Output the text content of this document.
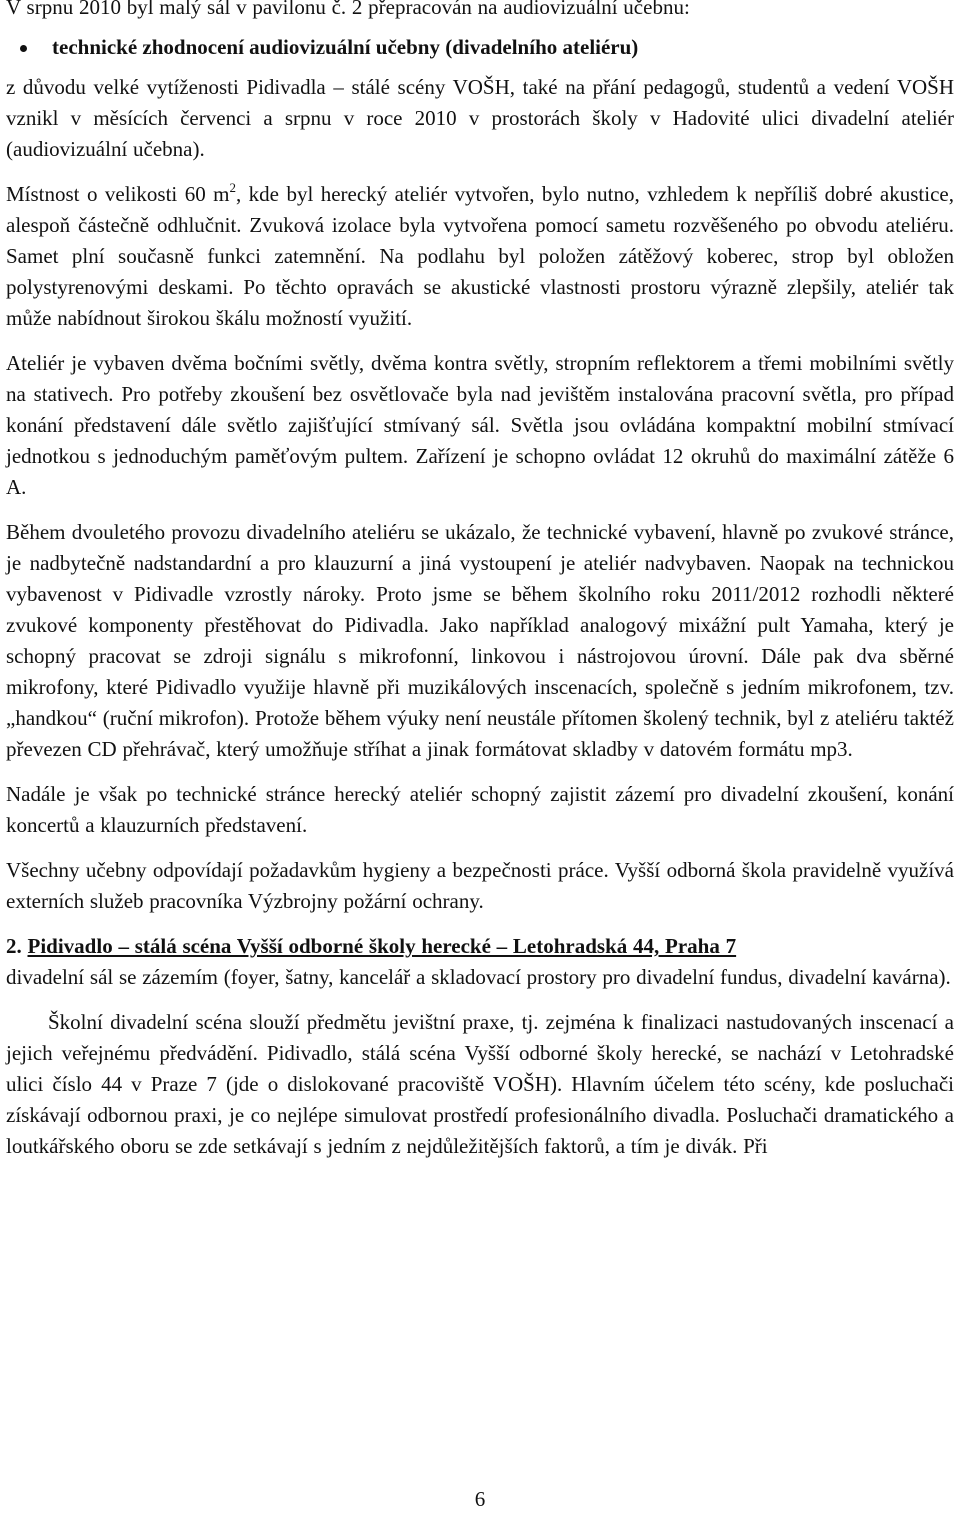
V srpnu 2010 byl malý sál v pavilonu č. 2 přepracován na audiovizuální učebnu:

technické zhodnocení audiovizuální učebny (divadelního ateliéru)

z důvodu velké vytíženosti Pidivadla – stálé scény VOŠH, také na přání pedagogů, studentů a vedení VOŠH vznikl v měsících červenci a srpnu v roce 2010 v prostorách školy v Hadovité ulici divadelní ateliér (audiovizuální učebna).

Místnost o velikosti 60 $m^2$, kde byl herecký ateliér vytvořen, bylo nutno, vzhledem k nepříliš dobré akustice, alespoň částečně odhlučnit. Zvuková izolace byla vytvořena pomocí sametu rozvěšeného po obvodu ateliéru. Samet plní současně funkci zatemnění. Na podlahu byl položen zátěžový koberec, strop byl obložen polystyrenovými deskami. Po těchto opravách se akustické vlastnosti prostoru výrazně zlepšily, ateliér tak může nabídnout širokou škálu možností využití.

Ateliér je vybaven dvěma bočními světly, dvěma kontra světly, stropním reflektorem a třemi mobilními světly na stativech. Pro potřeby zkoušení bez osvětlovače byla nad jevištěm instalována pracovní světla, pro případ konání představení dále světlo zajišťující stmívaný sál. Světla jsou ovládána kompaktní mobilní stmívací jednotkou s jednoduchým paměťovým pultem. Zařízení je schopno ovládat 12 okruhů do maximální zátěže 6 A.

Během dvouletého provozu divadelního ateliéru se ukázalo, že technické vybavení, hlavně po zvukové stránce, je nadbytečně nadstandardní a pro klauzurní a jiná vystoupení je ateliér nadvybaven. Naopak na technickou vybavenost v Pidivadle vzrostly nároky. Proto jsme se během školního roku 2011/2012 rozhodli některé zvukové komponenty přestěhovat do Pidivadla. Jako například analogový mixážní pult Yamaha, který je schopný pracovat se zdroji signálu s mikrofonní, linkovou i nástrojovou úrovní. Dále pak dva sběrné mikrofony, které Pidivadlo využije hlavně při muzikálových inscenacích, společně s jedním mikrofonem, tzv. „handkou“ (ruční mikrofon). Protože během výuky není neustále přítomen školený technik, byl z ateliéru taktéž převezen CD přehrávač, který umožňuje stříhat a jinak formátovat skladby v datovém formátu mp3.

Nadále je však po technické stránce herecký ateliér schopný zajistit zázemí pro divadelní zkoušení, konání koncertů a klauzurních představení.

Všechny učebny odpovídají požadavkům hygieny a bezpečnosti práce. Vyšší odborná škola pravidelně využívá externích služeb pracovníka Výzbrojny požární ochrany.

2. Pidivadlo – stálá scéna Vyšší odborné školy herecké – Letohradská 44, Praha 7

divadelní sál se zázemím (foyer, šatny, kancelář a skladovací prostory pro divadelní fundus, divadelní kavárna).

Školní divadelní scéna slouží předmětu jevištní praxe, tj. zejména k finalizaci nastudovaných inscenací a jejich veřejnému předvádění. Pidivadlo, stálá scéna Vyšší odborné školy herecké, se nachází v Letohradské ulici číslo 44 v Praze 7 (jde o dislokované pracoviště VOŠH). Hlavním účelem této scény, kde posluchači získávají odbornou praxi, je co nejlépe simulovat prostředí profesionálního divadla. Posluchači dramatického a loutkářského oboru se zde setkávají s jedním z nejdůležitějších faktorů, a tím je divák. Při

6
